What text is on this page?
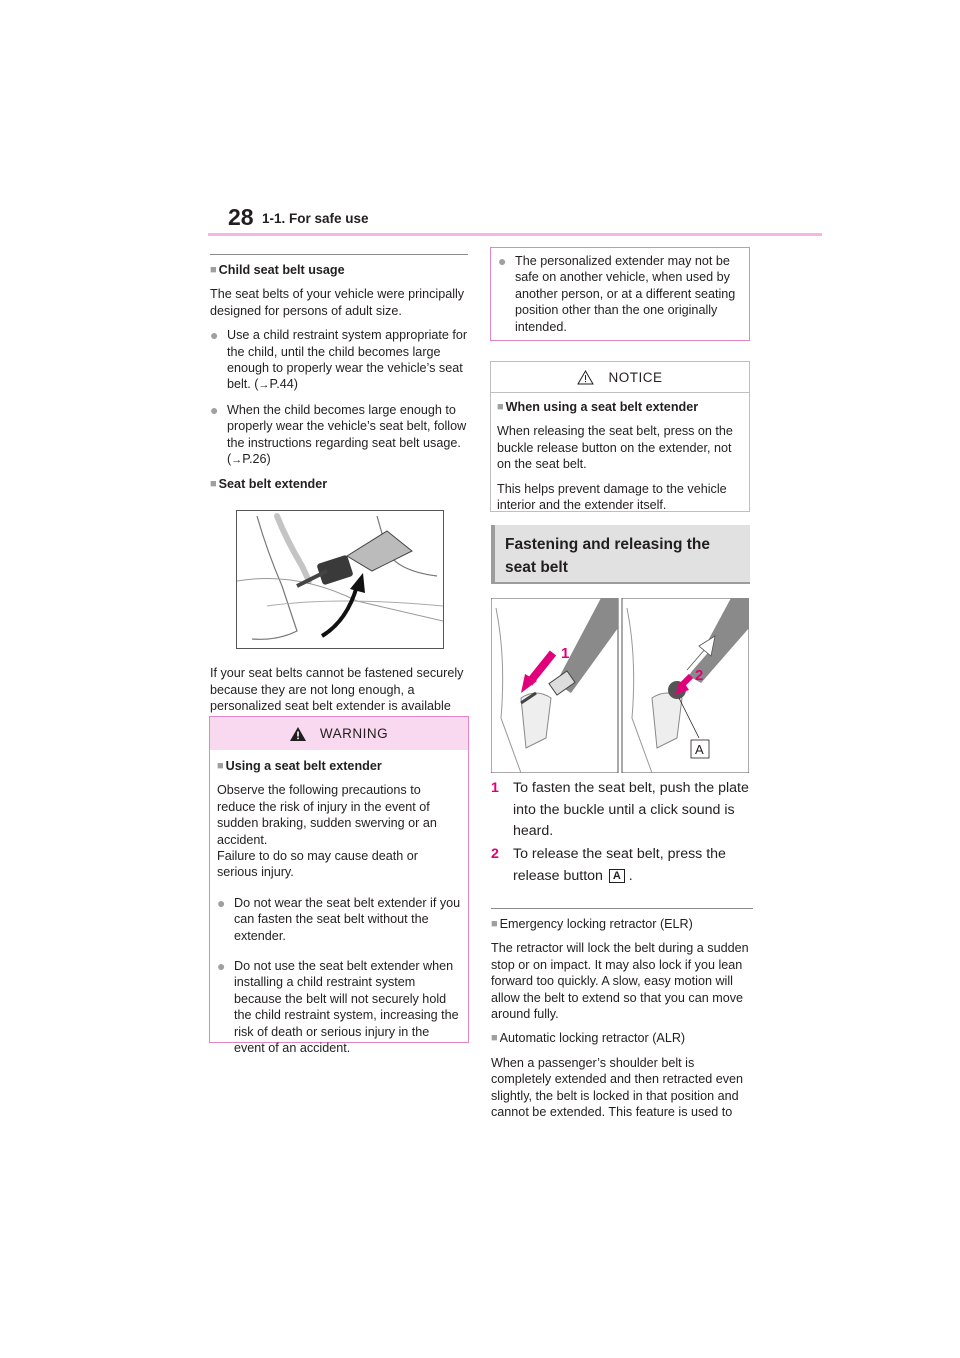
28 1-1. For safe use
■ Child seat belt usage

The seat belts of your vehicle were principally designed for persons of adult size.

● Use a child restraint system appropriate for the child, until the child becomes large enough to properly wear the vehicle’s seat belt. (→P.44)
● When the child becomes large enough to properly wear the vehicle’s seat belt, follow the instructions regarding seat belt usage. (→P.26)
■ Seat belt extender

If your seat belts cannot be fastened securely because they are not long enough, a personalized seat belt extender is available

WARNING
■ Using a seat belt extender

Observe the following precautions to reduce the risk of injury in the event of sudden braking, sudden swerving or an accident.

Failure to do so may cause death or serious injury.

● Do not wear the seat belt extender if you can fasten the seat belt without the extender.
● Do not use the seat belt extender when installing a child restraint system because the belt will not securely hold the child restraint system, increasing the risk of death or serious injury in the event of an accident.
● The personalized extender may not be safe on another vehicle, when used by another person, or at a different seating position other than the one originally intended.
NOTICE
■ When using a seat belt extender

When releasing the seat belt, press on the buckle release button on the extender, not on the seat belt.

This helps prevent damage to the vehicle interior and the extender itself.

Fastening and releasing the seat belt
1
2
A
1 To fasten the seat belt, push the plate into the buckle until a click sound is heard.
2 To release the seat belt, press the release button A .
■ Emergency locking retractor (ELR)

The retractor will lock the belt during a sudden stop or on impact. It may also lock if you lean forward too quickly. A slow, easy motion will allow the belt to extend so that you can move around fully.

■ Automatic locking retractor (ALR)

When a passenger’s shoulder belt is completely extended and then retracted even slightly, the belt is locked in that position and cannot be extended. This feature is used to
